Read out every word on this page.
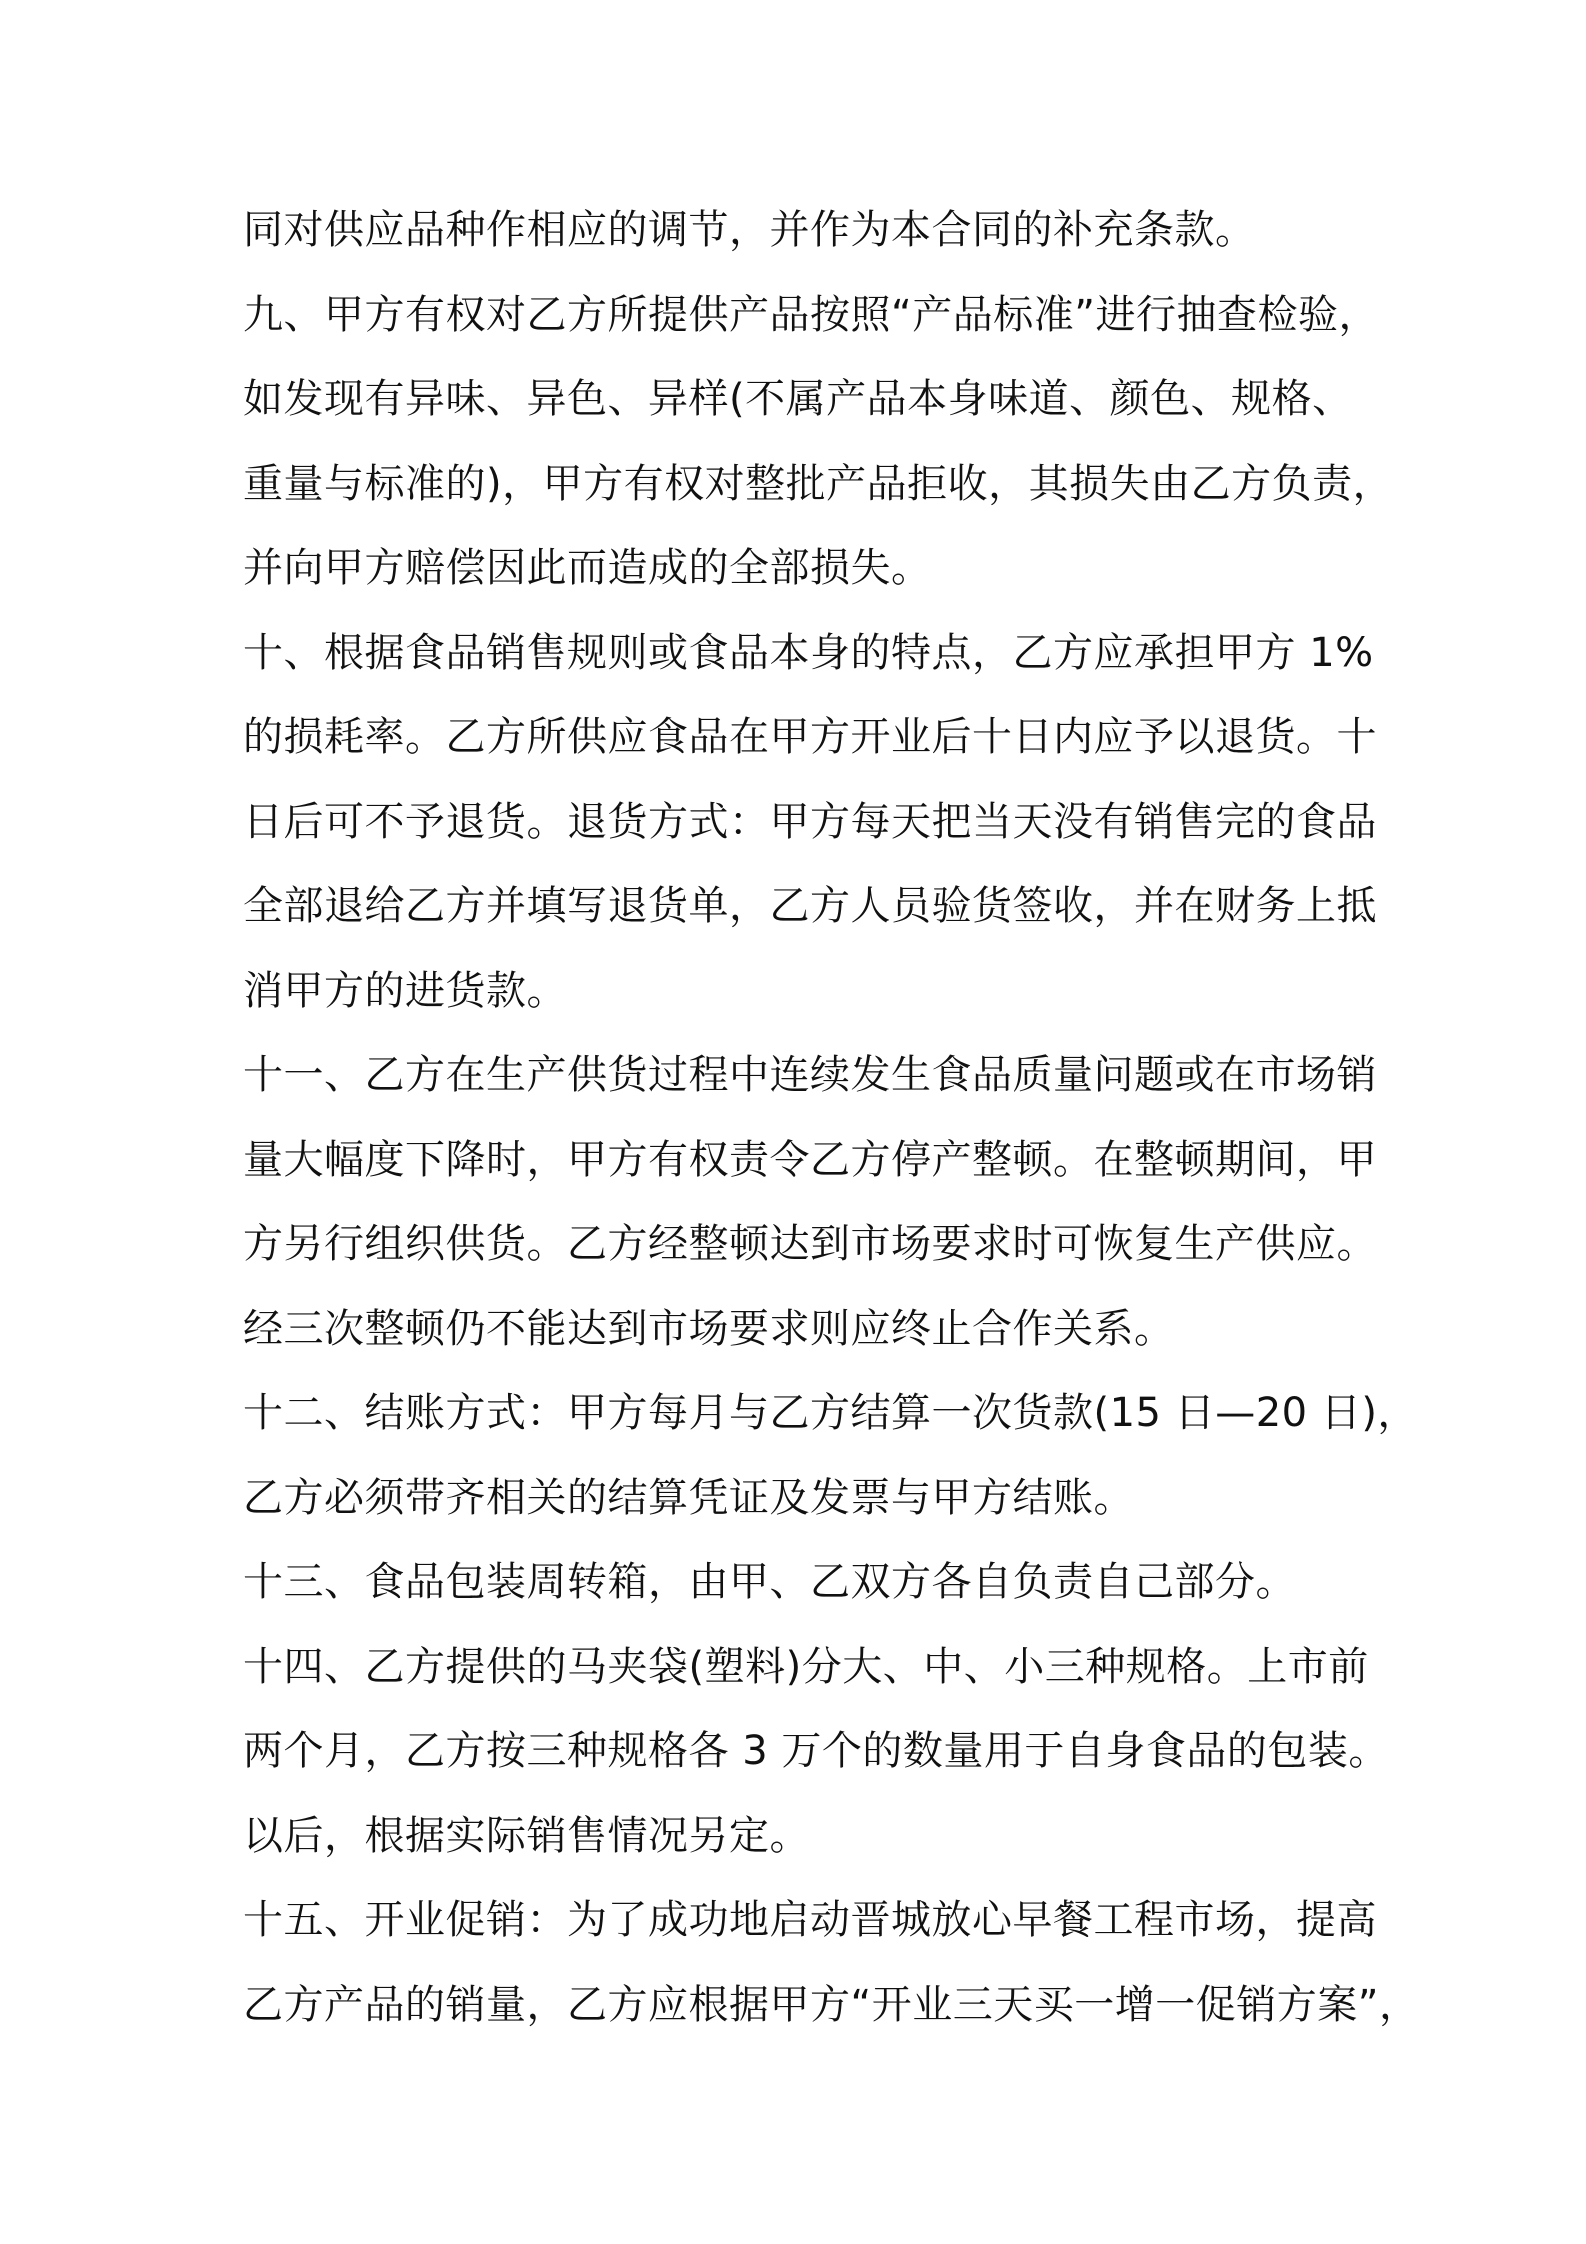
同对供应品种作相应的调节，并作为本合同的补充条款。
九、甲方有权对乙方所提供产品按照“产品标准”进行抽查检验，
如发现有异味、异色、异样(不属产品本身味道、颜色、规格、
重量与标准的)，甲方有权对整批产品拒收，其损失由乙方负责，
并向甲方赔偿因此而造成的全部损失。
十、根据食品销售规则或食品本身的特点，乙方应承担甲方 1%
的损耗率。乙方所供应食品在甲方开业后十日内应予以退货。十
日后可不予退货。退货方式：甲方每天把当天没有销售完的食品
全部退给乙方并填写退货单，乙方人员验货签收，并在财务上抵
消甲方的进货款。
十一、乙方在生产供货过程中连续发生食品质量问题或在市场销
量大幅度下降时，甲方有权责令乙方停产整顿。在整顿期间，甲
方另行组织供货。乙方经整顿达到市场要求时可恢复生产供应。
经三次整顿仍不能达到市场要求则应终止合作关系。
十二、结账方式：甲方每月与乙方结算一次货款(15 日—20 日)，
乙方必须带齐相关的结算凭证及发票与甲方结账。
十三、食品包装周转箱，由甲、乙双方各自负责自己部分。
十四、乙方提供的马夹袋(塑料)分大、中、小三种规格。上市前
两个月，乙方按三种规格各 3 万个的数量用于自身食品的包装。
以后，根据实际销售情况另定。
十五、开业促销：为了成功地启动晋城放心早餐工程市场，提高
乙方产品的销量，乙方应根据甲方“开业三天买一增一促销方案”，
